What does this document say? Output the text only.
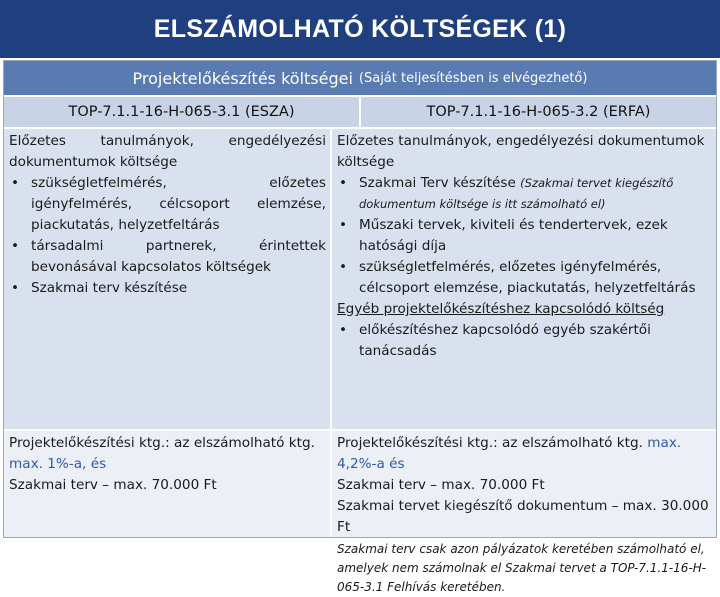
ELSZÁMOLHATÓ KÖLTSÉGEK (1)
Projektelőkészítés költségei (Saját teljesítésben is elvégezhető)
TOP-7.1.1-16-H-065-3.1 (ESZA)	TOP-7.1.1-16-H-065-3.2 (ERFA)
Előzetes tanulmányok, engedélyezési dokumentumok költsége
• szükségletfelmérés, előzetes igényfelmérés, célcsoport elemzése, piackutatás, helyzetfeltárás
• társadalmi partnerek, érintettek bevonásával kapcsolatos költségek
• Szakmai terv készítése
Előzetes tanulmányok, engedélyezési dokumentumok költsége
• Szakmai Terv készítése (Szakmai tervet kiegészítő dokumentum költsége is itt számolható el)
• Műszaki tervek, kiviteli és tendertervek, ezek hatósági díja
• szükségletfelmérés, előzetes igényfelmérés, célcsoport elemzése, piackutatás, helyzetfeltárás
Egyéb projektelőkészítéshez kapcsolódó költség
• előkészítéshez kapcsolódó egyéb szakértői tanácsadás
Projektelőkészítési ktg.: az elszámolható ktg.
max. 1%-a, és
Szakmai terv – max. 70.000 Ft
Projektelőkészítési ktg.: az elszámolható ktg. max.
4,2%-a és
Szakmai terv – max. 70.000 Ft
Szakmai tervet kiegészítő dokumentum – max. 30.000 Ft
Szakmai terv csak azon pályázatok keretében számolható el, amelyek nem számolnak el Szakmai tervet a TOP-7.1.1-16-H-065-3.1 Felhívás keretében.
